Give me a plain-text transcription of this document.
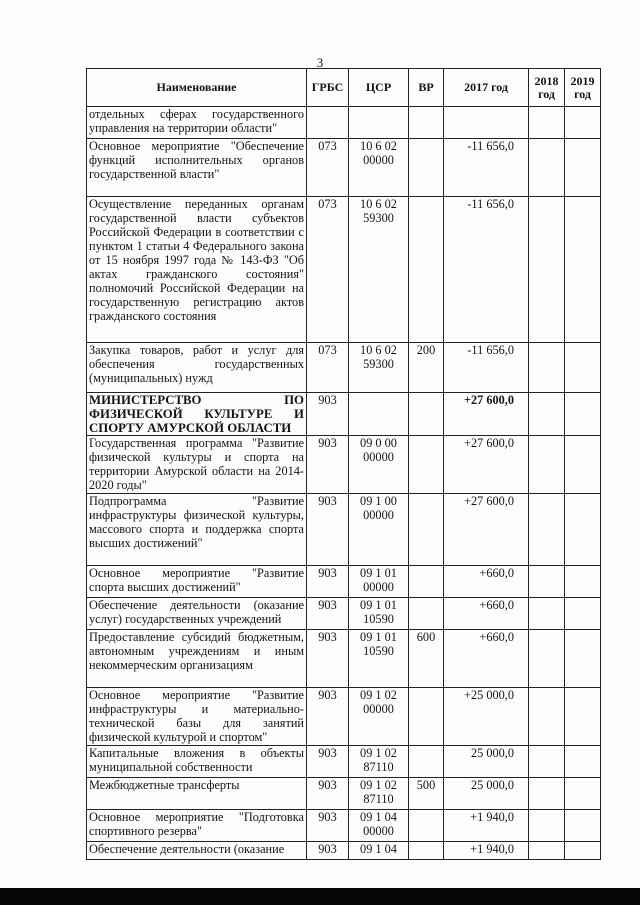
3
Наименование	ГРБС	ЦСР	ВР	2017 год	2018 год	2019 год
отдельных сферах государственного управления на территории области"						
Основное мероприятие "Обеспечение функций исполнительных органов государственной власти"	073	10 6 02 00000		-11 656,0		
Осуществление переданных органам государственной власти субъектов Российской Федерации в соответствии с пунктом 1 статьи 4 Федерального закона от 15 ноября 1997 года № 143-ФЗ "Об актах гражданского состояния" полномочий Российской Федерации на государственную регистрацию актов гражданского состояния	073	10 6 02 59300		-11 656,0		
Закупка товаров, работ и услуг для обеспечения государственных (муниципальных) нужд	073	10 6 02 59300	200	-11 656,0		
МИНИСТЕРСТВО ПО ФИЗИЧЕСКОЙ КУЛЬТУРЕ И СПОРТУ АМУРСКОЙ ОБЛАСТИ	903			+27 600,0		
Государственная программа "Развитие физической культуры и спорта на территории Амурской области на 2014-2020 годы"	903	09 0 00 00000		+27 600,0		
Подпрограмма "Развитие инфраструктуры физической культуры, массового спорта и поддержка спорта высших достижений"	903	09 1 00 00000		+27 600,0		
Основное мероприятие "Развитие спорта высших достижений"	903	09 1 01 00000		+660,0		
Обеспечение деятельности (оказание услуг) государственных учреждений	903	09 1 01 10590		+660,0		
Предоставление субсидий бюджетным, автономным учреждениям и иным некоммерческим организациям	903	09 1 01 10590	600	+660,0		
Основное мероприятие "Развитие инфраструктуры и материально-технической базы для занятий физической культурой и спортом"	903	09 1 02 00000		+25 000,0		
Капитальные вложения в объекты муниципальной собственности	903	09 1 02 87110		25 000,0		
Межбюджетные трансферты	903	09 1 02 87110	500	25 000,0		
Основное мероприятие "Подготовка спортивного резерва"	903	09 1 04 00000		+1 940,0		
Обеспечение деятельности (оказание	903	09 1 04		+1 940,0		
